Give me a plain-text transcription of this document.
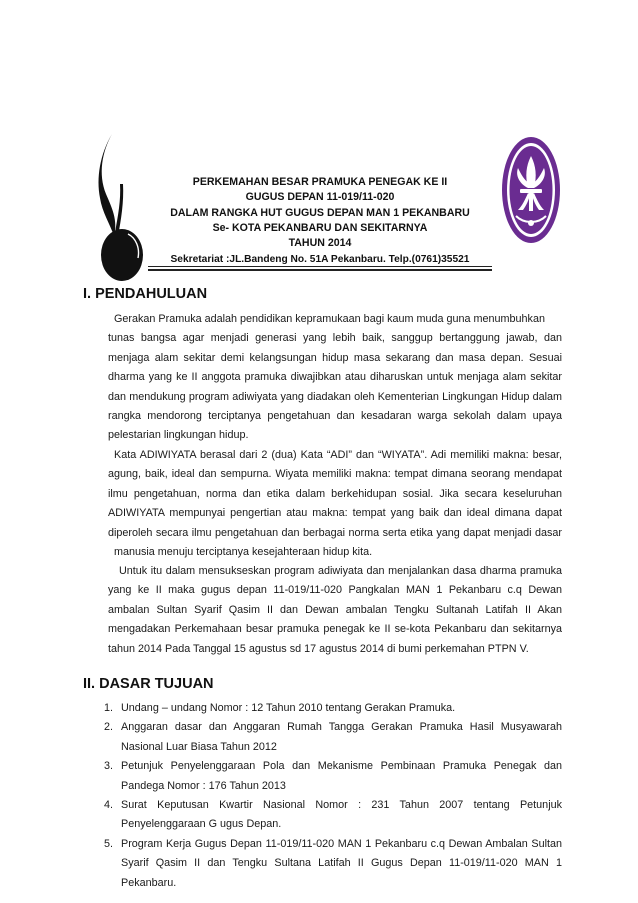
PERKEMAHAN BESAR PRAMUKA PENEGAK KE II
GUGUS DEPAN 11-019/11-020
DALAM RANGKA HUT GUGUS DEPAN MAN 1 PEKANBARU
Se- KOTA PEKANBARU DAN SEKITARNYA
TAHUN 2014
Sekretariat :JL.Bandeng No. 51A Pekanbaru. Telp.(0761)35521
I. PENDAHULUAN
Gerakan Pramuka adalah pendidikan kepramukaan bagi kaum muda guna menumbuhkan
tunas bangsa agar menjadi generasi yang lebih baik, sanggup bertanggung jawab, dan
menjaga alam sekitar demi kelangsungan hidup masa sekarang dan masa depan. Sesuai
dharma yang ke II anggota pramuka diwajibkan atau diharuskan untuk menjaga alam sekitar
dan mendukung program adiwiyata yang diadakan oleh Kementerian Lingkungan Hidup dalam
rangka mendorong terciptanya pengetahuan dan kesadaran warga sekolah dalam upaya
pelestarian lingkungan hidup.
Kata ADIWIYATA berasal dari 2 (dua) Kata “ADI” dan “WIYATA”. Adi memiliki makna: besar,
agung, baik, ideal dan sempurna. Wiyata memiliki makna: tempat dimana seorang mendapat
ilmu pengetahuan, norma dan etika dalam berkehidupan sosial. Jika secara keseluruhan
ADIWIYATA mempunyai pengertian atau makna: tempat yang baik dan ideal dimana dapat
diperoleh secara ilmu pengetahuan dan berbagai norma serta etika yang dapat menjadi dasar
manusia menuju terciptanya kesejahteraan hidup kita.
Untuk itu dalam mensukseskan program adiwiyata dan menjalankan dasa dharma pramuka
yang ke II maka gugus depan 11-019/11-020 Pangkalan MAN 1 Pekanbaru c.q Dewan
ambalan Sultan Syarif Qasim II dan Dewan ambalan Tengku Sultanah Latifah II Akan
mengadakan Perkemahaan besar pramuka penegak ke II se-kota Pekanbaru dan sekitarnya
tahun 2014 Pada Tanggal 15 agustus sd 17 agustus 2014 di bumi perkemahan PTPN V.
II. DASAR TUJUAN
1. Undang – undang Nomor : 12 Tahun 2010 tentang Gerakan Pramuka.
2. Anggaran dasar dan Anggaran Rumah Tangga Gerakan Pramuka Hasil Musyawarah
Nasional Luar Biasa Tahun 2012
3. Petunjuk Penyelenggaraan Pola dan Mekanisme Pembinaan Pramuka Penegak dan
Pandega Nomor : 176 Tahun 2013
4. Surat Keputusan Kwartir Nasional Nomor : 231 Tahun 2007 tentang Petunjuk
Penyelenggaraan G ugus Depan.
5. Program Kerja Gugus Depan 11-019/11-020 MAN 1 Pekanbaru c.q Dewan Ambalan Sultan
Syarif Qasim II dan Tengku Sultana Latifah II Gugus Depan 11-019/11-020 MAN 1
Pekanbaru.
